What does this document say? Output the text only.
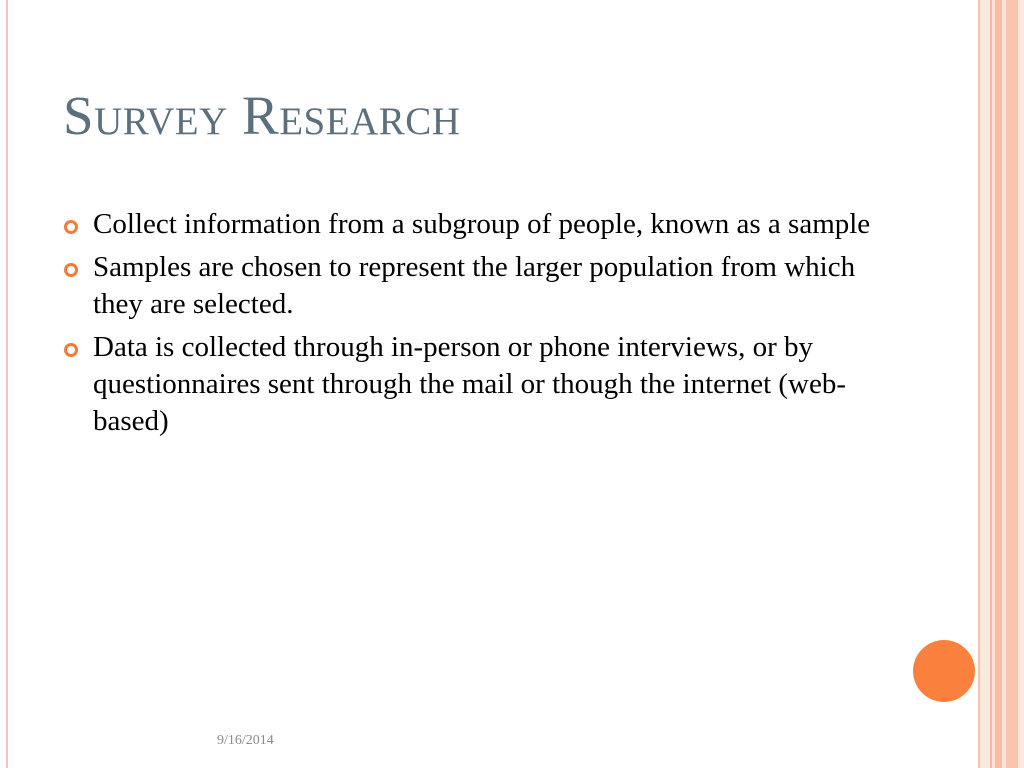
Survey Research
Collect information from a subgroup of people, known as a sample
Samples are chosen to represent the larger population from which they are selected.
Data is collected through in-person or phone interviews, or by questionnaires sent through the mail or though the internet (web-based)
9/16/2014
